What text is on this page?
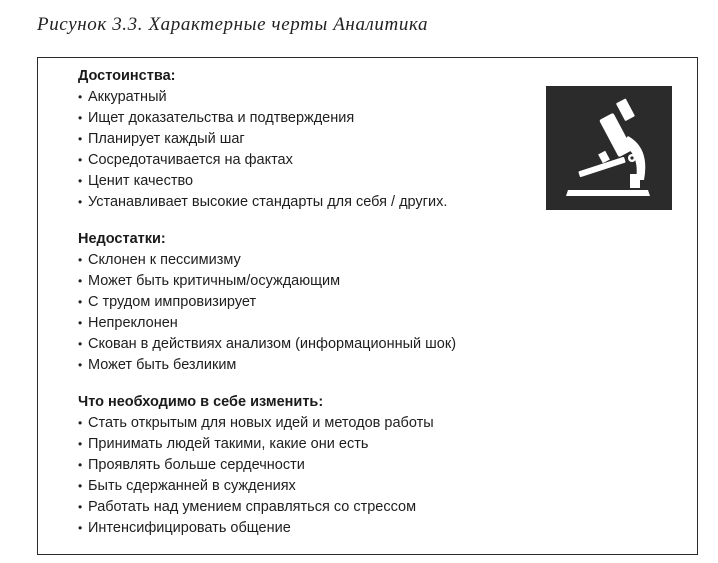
Рисунок 3.3. Характерные черты Аналитика
Достоинства:
• Аккуратный
• Ищет доказательства и подтверждения
• Планирует каждый шаг
• Сосредотачивается на фактах
• Ценит качество
• Устанавливает высокие стандарты для себя / других.
Недостатки:
• Склонен к пессимизму
• Может быть критичным/осуждающим
• С трудом импровизирует
• Непреклонен
• Скован в действиях анализом (информационный шок)
• Может быть безликим
Что необходимо в себе изменить:
• Стать открытым для новых идей и методов работы
• Принимать людей такими, какие они есть
• Проявлять больше сердечности
• Быть сдержанней в суждениях
• Работать над умением справляться со стрессом
• Интенсифицировать общение
